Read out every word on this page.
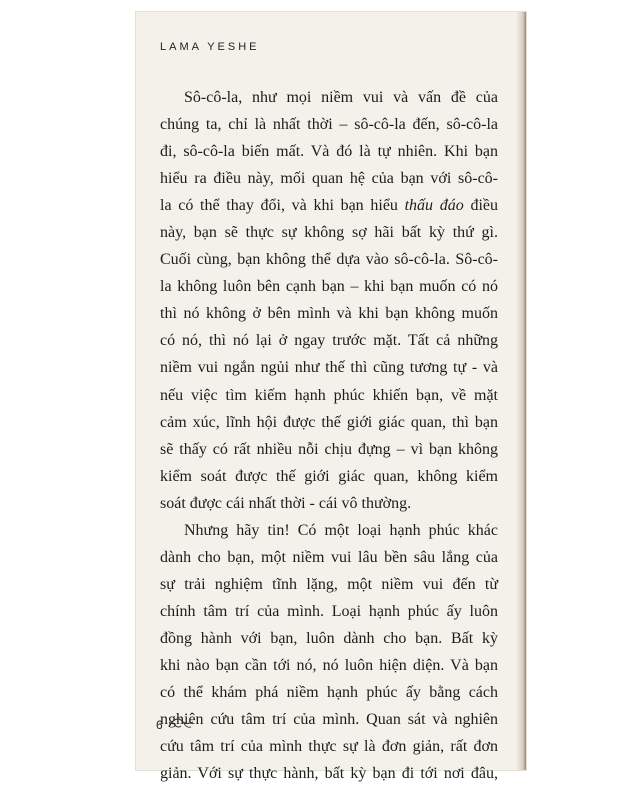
LAMA YESHE

Sô-cô-la, như mọi niềm vui và vấn đề của
chúng ta, chỉ là nhất thời – sô-cô-la đến, sô-cô-la
đi, sô-cô-la biến mất. Và đó là tự nhiên. Khi bạn
hiểu ra điều này, mối quan hệ của bạn với sô-cô-
la có thể thay đổi, và khi bạn hiểu thấu đáo điều
này, bạn sẽ thực sự không sợ hãi bất kỳ thứ gì.
Cuối cùng, bạn không thể dựa vào sô-cô-la. Sô-cô-
la không luôn bên cạnh bạn – khi bạn muốn có nó
thì nó không ở bên mình và khi bạn không muốn
có nó, thì nó lại ở ngay trước mặt. Tất cả những
niềm vui ngắn ngủi như thế thì cũng tương tự - và
nếu việc tìm kiếm hạnh phúc khiến bạn, về mặt
cảm xúc, lĩnh hội được thế giới giác quan, thì bạn
sẽ thấy có rất nhiều nỗi chịu đựng – vì bạn không
kiểm soát được thế giới giác quan, không kiểm
soát được cái nhất thời - cái vô thường.

Nhưng hãy tin! Có một loại hạnh phúc khác
dành cho bạn, một niềm vui lâu bền sâu lắng của
sự trải nghiệm tĩnh lặng, một niềm vui đến từ
chính tâm trí của mình. Loại hạnh phúc ấy luôn
đồng hành với bạn, luôn dành cho bạn. Bất kỳ
khi nào bạn cần tới nó, nó luôn hiện diện. Và bạn
có thể khám phá niềm hạnh phúc ấy bằng cách
nghiên cứu tâm trí của mình. Quan sát và nghiên
cứu tâm trí của mình thực sự là đơn giản, rất đơn
giản. Với sự thực hành, bất kỳ bạn đi tới nơi đâu,

6
